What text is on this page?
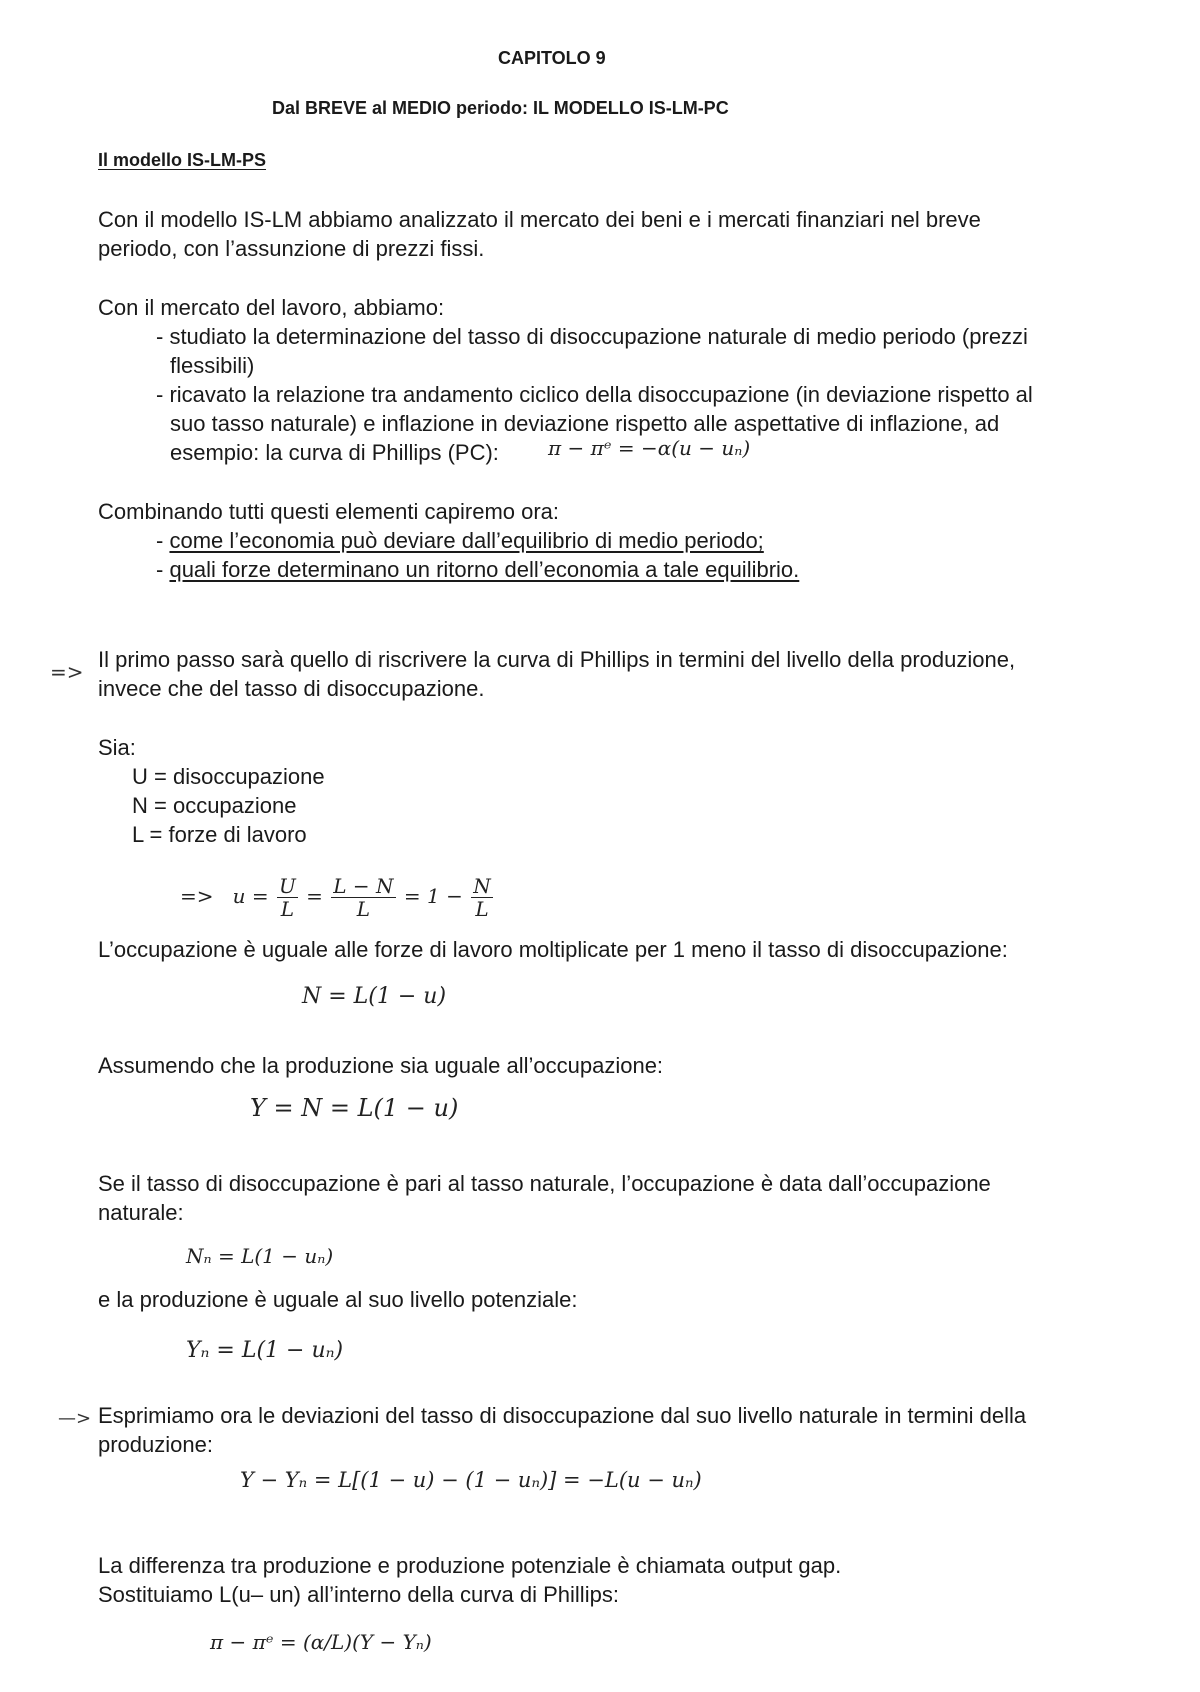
CAPITOLO 9
Dal BREVE al MEDIO periodo: IL MODELLO IS-LM-PC
Il modello IS-LM-PS
Con il modello IS-LM abbiamo analizzato il mercato dei beni e i mercati finanziari nel breve
periodo, con l’assunzione di prezzi fissi.
Con il mercato del lavoro, abbiamo:
- studiato la determinazione del tasso di disoccupazione naturale di medio periodo (prezzi
flessibili)
- ricavato la relazione tra andamento ciclico della disoccupazione (in deviazione rispetto al
suo tasso naturale) e inflazione in deviazione rispetto alle aspettative di inflazione, ad
esempio: la curva di Phillips (PC): π − πᵉ = −α(u − uₙ)
Combinando tutti questi elementi capiremo ora:
- come l’economia può deviare dall’equilibrio di medio periodo;
- quali forze determinano un ritorno dell’economia a tale equilibrio.
=> Il primo passo sarà quello di riscrivere la curva di Phillips in termini del livello della produzione,
invece che del tasso di disoccupazione.
Sia:
U = disoccupazione
N = occupazione
L = forze di lavoro
=> $u = \frac{U}{L} = \frac{L - N}{L} = 1 - \frac{N}{L}$
L’occupazione è uguale alle forze di lavoro moltiplicate per 1 meno il tasso di disoccupazione:
N = L(1 − u)
Assumendo che la produzione sia uguale all’occupazione:
Y = N = L(1 − u)
Se il tasso di disoccupazione è pari al tasso naturale, l’occupazione è data dall’occupazione
naturale:
Nₙ = L(1 − uₙ)
e la produzione è uguale al suo livello potenziale:
Yₙ = L(1 − uₙ)
—> Esprimiamo ora le deviazioni del tasso di disoccupazione dal suo livello naturale in termini della
produzione:
Y − Yₙ = L[(1 − u) − (1 − uₙ)] = −L(u − uₙ)
La differenza tra produzione e produzione potenziale è chiamata output gap.
Sostituiamo L(u– un) all’interno della curva di Phillips:
π − πᵉ = (α/L)(Y − Yₙ)
